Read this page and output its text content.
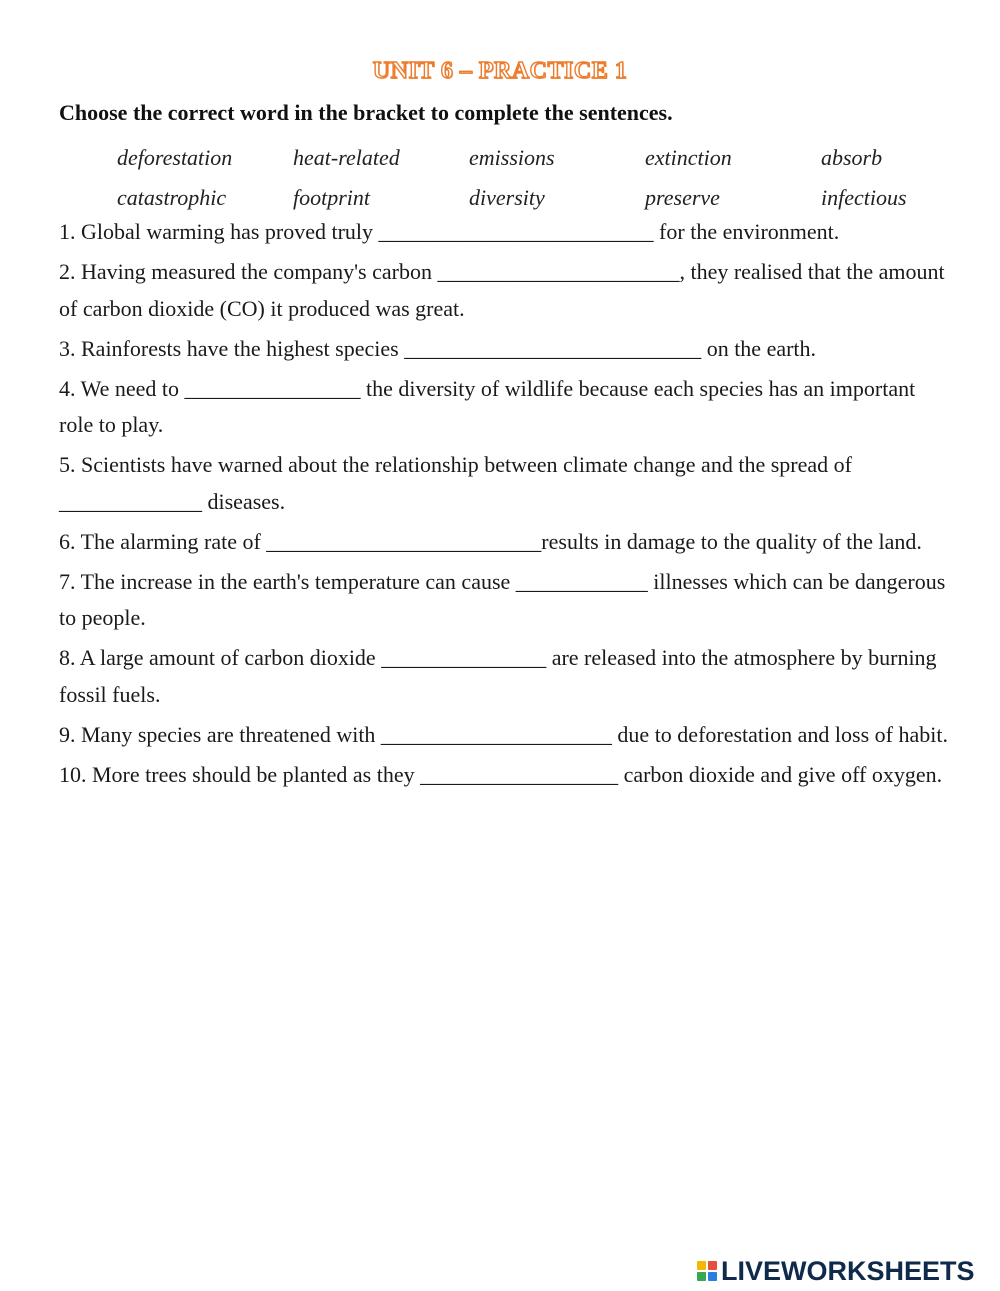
UNIT 6 – PRACTICE 1
Choose the correct word in the bracket to complete the sentences.
deforestation	heat-related	emissions	extinction	absorb
catastrophic	footprint	diversity	preserve	infectious

1. Global warming has proved truly _________________________ for the environment.

2. Having measured the company's carbon ______________________, they realised that the amount of carbon dioxide (CO) it produced was great.

3. Rainforests have the highest species ___________________________ on the earth.

4. We need to ________________ the diversity of wildlife because each species has an important role to play.

5. Scientists have warned about the relationship between climate change and the spread of _____________ diseases.

6. The alarming rate of _________________________results in damage to the quality of the land.

7. The increase in the earth's temperature can cause ____________ illnesses which can be dangerous to people.

8. A large amount of carbon dioxide _______________ are released into the atmosphere by burning fossil fuels.

9. Many species are threatened with _____________________ due to deforestation and loss of habit.

10. More trees should be planted as they __________________ carbon dioxide and give off oxygen.

LIVEWORKSHEETS
